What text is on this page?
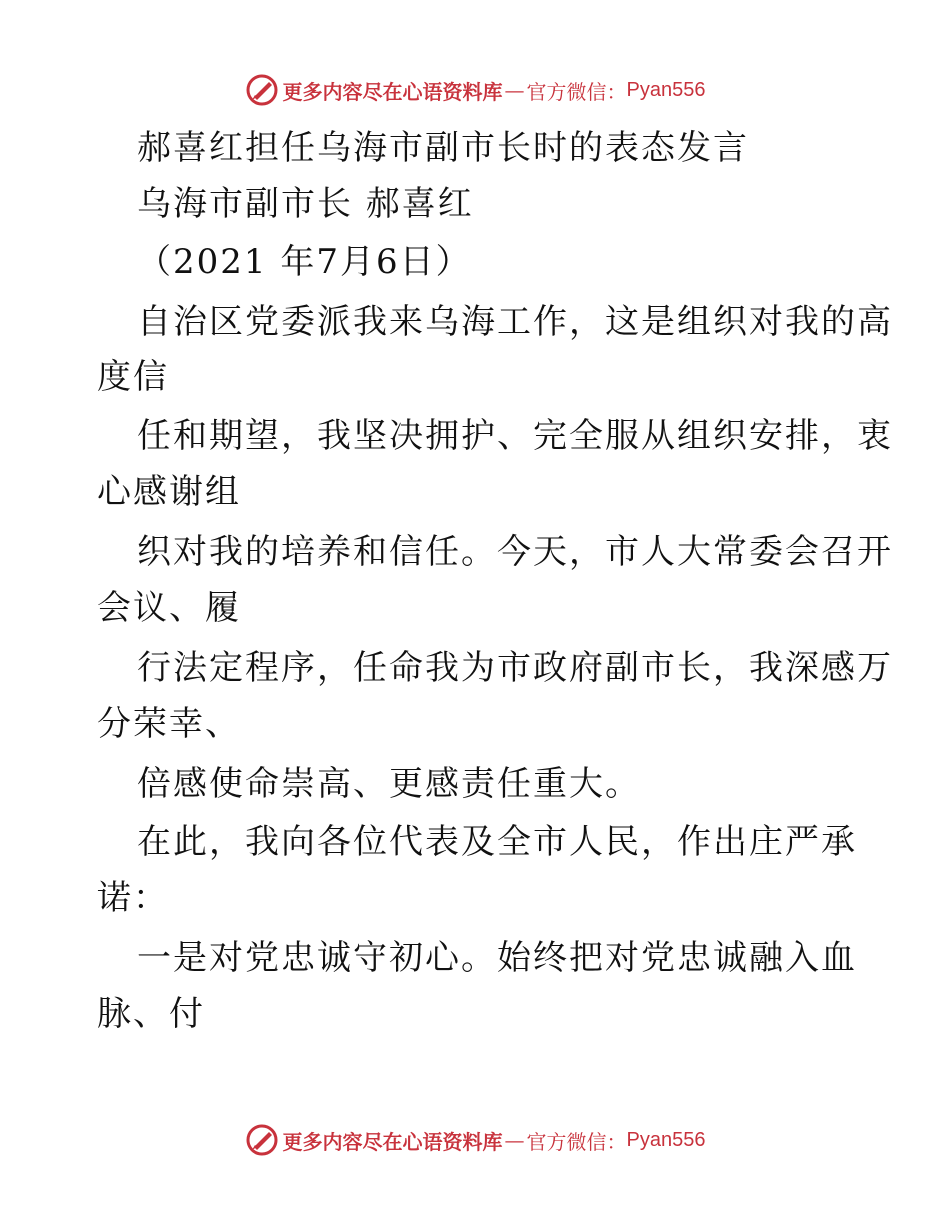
更多内容尽在心语资料库 — 官方微信： Pyan556
郝喜红担任乌海市副市长时的表态发言
乌海市副市长 郝喜红
（2021 年7月6日）
自治区党委派我来乌海工作，这是组织对我的高
度信
任和期望，我坚决拥护、完全服从组织安排，衷
心感谢组
织对我的培养和信任。今天，市人大常委会召开
会议、履
行法定程序，任命我为市政府副市长，我深感万
分荣幸、
倍感使命崇高、更感责任重大。
在此，我向各位代表及全市人民，作出庄严承
诺：
一是对党忠诚守初心。始终把对党忠诚融入血
脉、付
更多内容尽在心语资料库 — 官方微信： Pyan556
